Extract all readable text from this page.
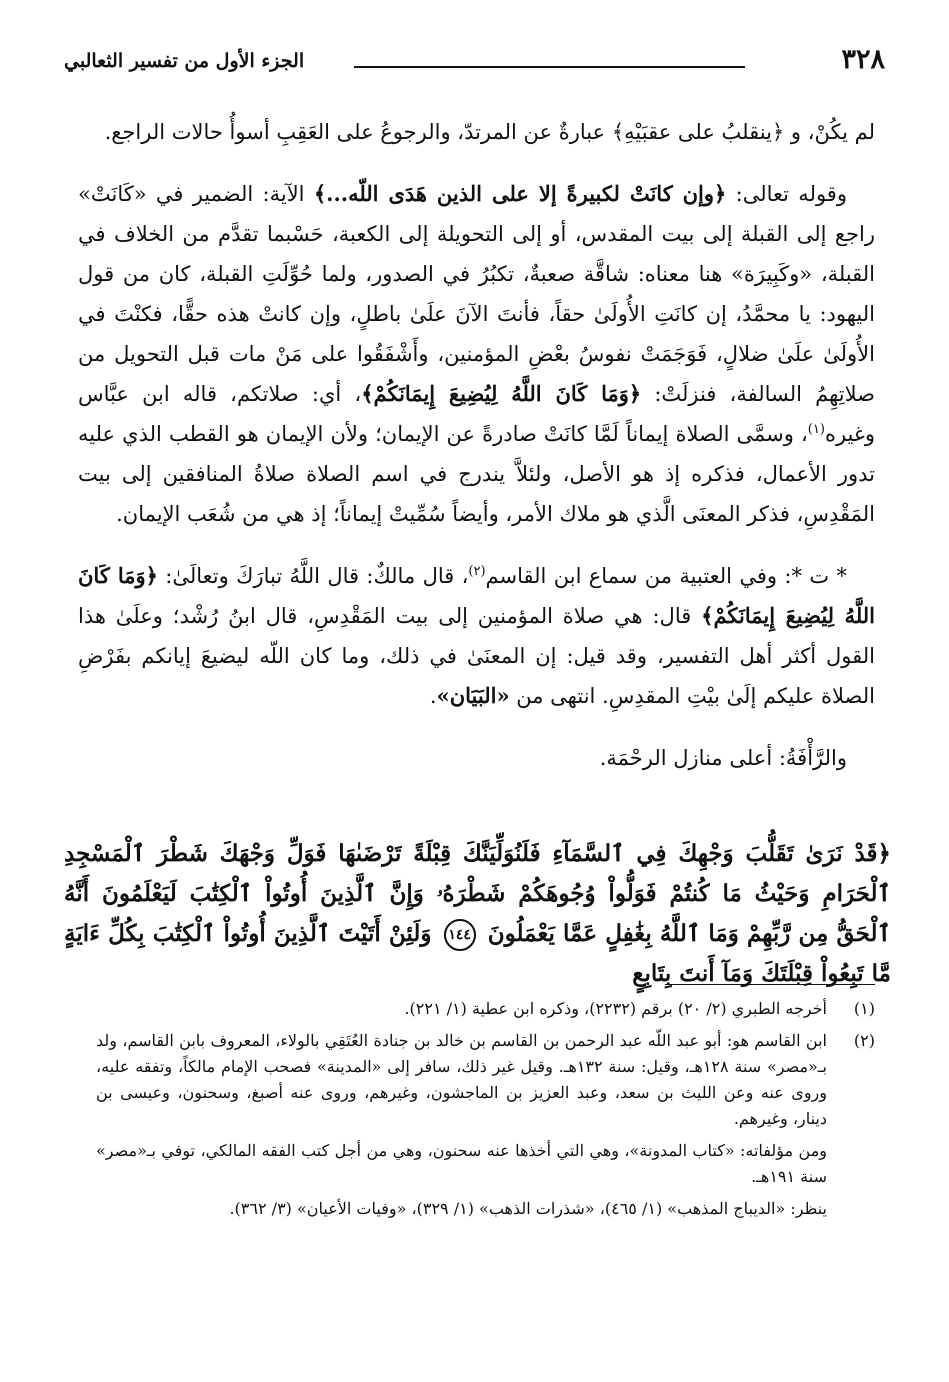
الجزء الأول من تفسير الثعالبي	٣٢٨

لم يكُنْ، و ﴿ينقلبُ على عقبَيْهِ﴾ عبارةٌ عن المرتدّ، والرجوعُ على العَقِبِ أسوأُ حالات الراجع.

وقوله تعالى: ﴿وإن كانَتْ لكبيرةً إلا على الذين هَدَى اللّه...﴾ الآية: الضمير في «كَانَتْ» راجع إلى القبلة إلى بيت المقدس، أو إلى التحويلة إلى الكعبة، حَسْبما تقدَّم من الخلاف في القبلة، «وكَبِيرَة» هنا معناه: شاقَّة صعبةٌ، تكبُرُ في الصدور، ولما حُوِّلَتِ القبلة، كان من قول اليهود: يا محمَّدُ، إن كانَتِ الأُولَىٰ حقاً، فأنتَ الآنَ علَىٰ باطلٍ، وإن كانتْ هذه حقًّا، فكنْتَ في الأُولَىٰ علَىٰ ضلالٍ، فَوَجَمَتْ نفوسُ بعْضِ المؤمنين، وأَشْفَقُوا على مَنْ مات قبل التحويل من صلاتِهِمُ السالفة، فنزلَتْ: ﴿وَمَا كَانَ اللَّهُ لِيُضِيعَ إِيمَانَكُمْ﴾، أي: صلاتكم، قاله ابن عبَّاس وغيره$^{(١)}$، وسمَّى الصلاة إيماناً لَمَّا كانَتْ صادرةً عن الإيمان؛ ولأن الإيمان هو القطب الذي عليه تدور الأعمال، فذكره إذ هو الأصل، ولئلاَّ يندرج في اسم الصلاة صلاةُ المنافقين إلى بيت المَقْدِسِ، فذكر المعنَى الَّذي هو ملاك الأمر، وأيضاً سُمِّيتْ إيماناً؛ إذ هي من شُعَب الإيمان.

* ت *: وفي العتبية من سماع ابن القاسم$^{(٢)}$، قال مالكٌ: قال اللَّهُ تبارَكَ وتعالَىٰ: ﴿وَمَا كَانَ اللَّهُ لِيُضِيعَ إِيمَانَكُمْ﴾ قال: هي صلاة المؤمنين إلى بيت المَقْدِسِ، قال ابنُ رُشْد؛ وعلَىٰ هذا القول أكثر أهل التفسير، وقد قيل: إن المعنَىٰ في ذلك، وما كان اللّه ليضيعَ إيانكم بفَرْضِ الصلاة عليكم إلَىٰ بيْتِ المقدِسِ. انتهى من «البَيَان».

والرَّأْفَةُ: أعلى منازل الرحْمَة.

﴿قَدْ نَرَىٰ تَقَلُّبَ وَجْهِكَ فِي ٱلسَّمَآءِ فَلَنُوَلِّيَنَّكَ قِبْلَةً تَرْضَىٰهَا فَوَلِّ وَجْهَكَ شَطْرَ ٱلْمَسْجِدِ ٱلْحَرَامِ وَحَيْثُ مَا كُنتُمْ فَوَلُّواْ وُجُوهَكُمْ شَطْرَهُۥ وَإِنَّ ٱلَّذِينَ أُوتُواْ ٱلْكِتَٰبَ لَيَعْلَمُونَ أَنَّهُ ٱلْحَقُّ مِن رَّبِّهِمْ وَمَا ٱللَّهُ بِغَٰفِلٍ عَمَّا يَعْمَلُونَ ١٤٤ وَلَئِنْ أَتَيْتَ ٱلَّذِينَ أُوتُواْ ٱلْكِتَٰبَ بِكُلِّ ءَايَةٍ مَّا تَبِعُواْ قِبْلَتَكَ وَمَآ أَنتَ بِتَابِعٍ

(١)
أخرجه الطبري (٢/ ٢٠) برقم (٢٢٣٢)، وذكره ابن عطية (١/ ٢٢١).

(٢)
ابن القاسم هو: أبو عبد اللّه عبد الرحمن بن القاسم بن خالد بن جنادة العُتَقِي بالولاء، المعروف بابن القاسم، ولد بـ«مصر» سنة ١٢٨هـ، وقيل: سنة ١٣٢هـ. وقيل غير ذلك، سافر إلى «المدينة» فصحب الإمام مالكاً، وتفقه عليه، وروى عنه وعن الليث بن سعد، وعبد العزيز بن الماجشون، وغيرهم، وروى عنه أصبغ، وسحنون، وعيسى بن دينار، وغيرهم.

ومن مؤلفاته: «كتاب المدونة»، وهي التي أخذها عنه سحنون، وهي من أجل كتب الفقه المالكي، توفي بـ«مصر» سنة ١٩١هـ.

ينظر: «الديباج المذهب» (١/ ٤٦٥)، «شذرات الذهب» (١/ ٣٢٩)، «وفيات الأعيان» (٣/ ٣٦٢).
